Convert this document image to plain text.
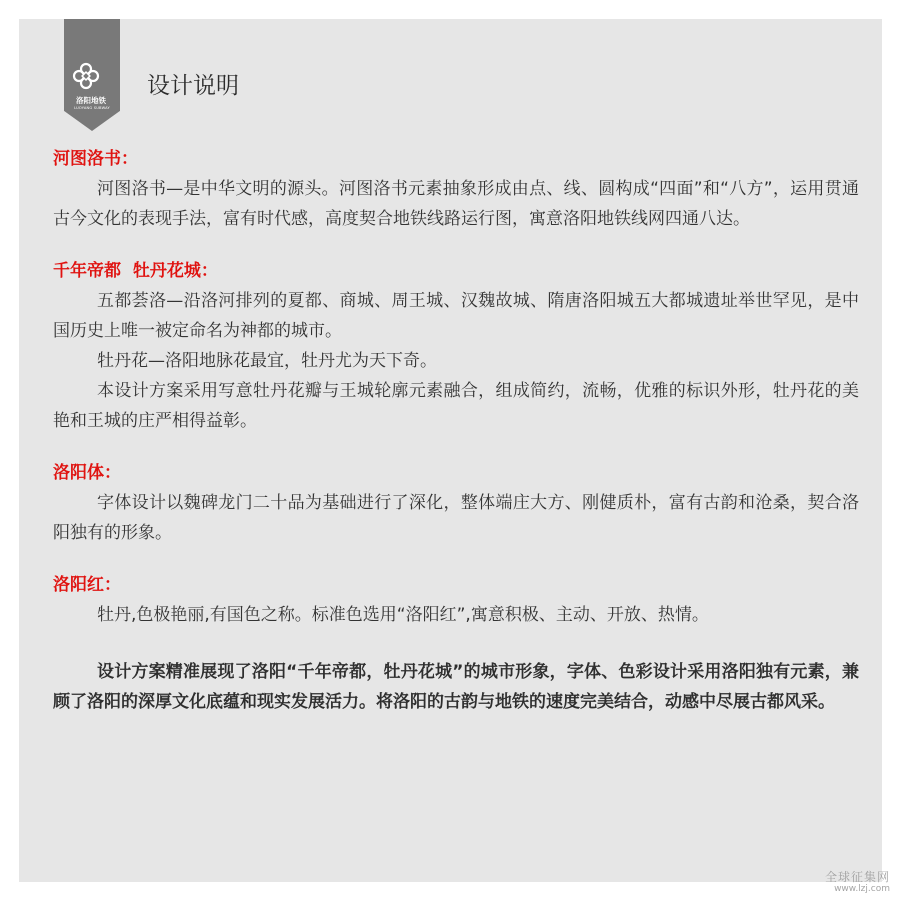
洛阳地铁
LUOYANG SUBWAY
设计说明
河图洛书：
河图洛书—是中华文明的源头。河图洛书元素抽象形成由点、线、圆构成“四面”和“八方”，运用贯通古今文化的表现手法，富有时代感，高度契合地铁线路运行图，寓意洛阳地铁线网四通八达。
千年帝都  牡丹花城：
五都荟洛—沿洛河排列的夏都、商城、周王城、汉魏故城、隋唐洛阳城五大都城遗址举世罕见，是中国历史上唯一被定命名为神都的城市。
牡丹花—洛阳地脉花最宜，牡丹尤为天下奇。
本设计方案采用写意牡丹花瓣与王城轮廓元素融合，组成简约，流畅，优雅的标识外形，牡丹花的美艳和王城的庄严相得益彰。
洛阳体：
字体设计以魏碑龙门二十品为基础进行了深化，整体端庄大方、刚健质朴，富有古韵和沧桑，契合洛阳独有的形象。
洛阳红：
牡丹,色极艳丽,有国色之称。标准色选用“洛阳红”,寓意积极、主动、开放、热情。
设计方案精准展现了洛阳“千年帝都，牡丹花城”的城市形象，字体、色彩设计采用洛阳独有元素，兼顾了洛阳的深厚文化底蕴和现实发展活力。将洛阳的古韵与地铁的速度完美结合，动感中尽展古都风采。
全球征集网
www.lzj.com
